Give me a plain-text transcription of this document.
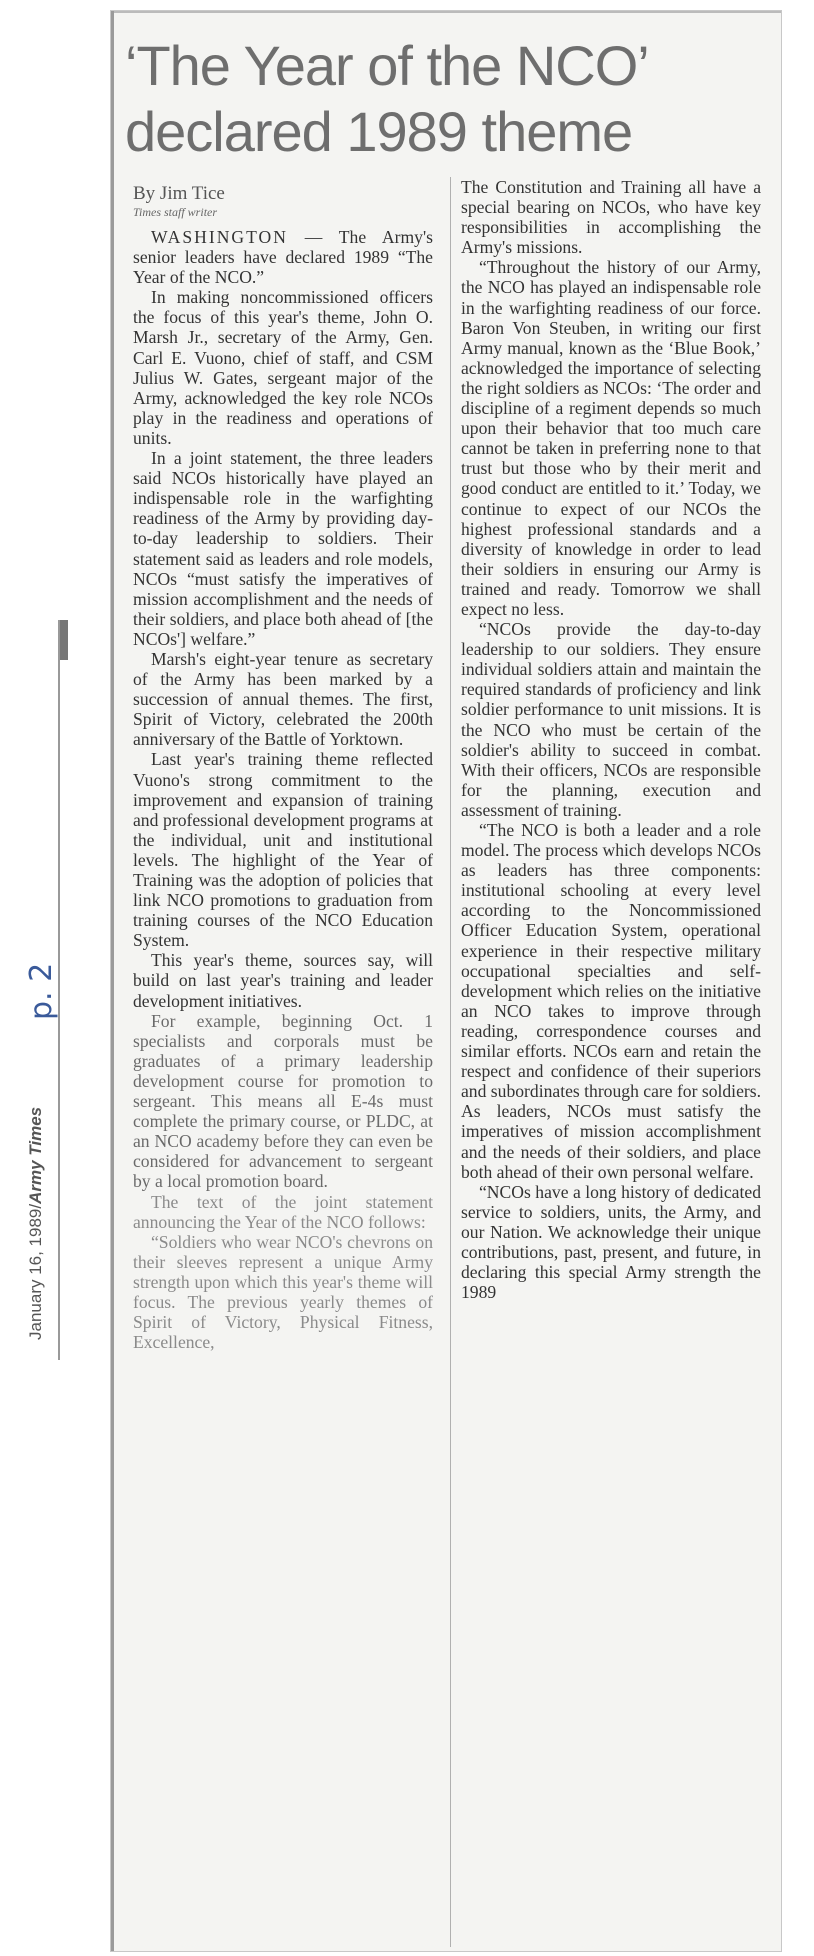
‘The Year of the NCO’
declared 1989 theme
By Jim Tice
Times staff writer

WASHINGTON — The Army's senior leaders have declared 1989 “The Year of the NCO.”

In making noncommissioned officers the focus of this year's theme, John O. Marsh Jr., secretary of the Army, Gen. Carl E. Vuono, chief of staff, and CSM Julius W. Gates, sergeant major of the Army, acknowledged the key role NCOs play in the readiness and operations of units.

In a joint statement, the three leaders said NCOs historically have played an indispensable role in the warfighting readiness of the Army by providing day-to-day leadership to soldiers. Their statement said as leaders and role models, NCOs “must satisfy the imperatives of mission accomplishment and the needs of their soldiers, and place both ahead of [the NCOs'] welfare.”

Marsh's eight-year tenure as secretary of the Army has been marked by a succession of annual themes. The first, Spirit of Victory, celebrated the 200th anniversary of the Battle of Yorktown.

Last year's training theme reflected Vuono's strong commitment to the improvement and expansion of training and professional development programs at the individual, unit and institutional levels. The highlight of the Year of Training was the adoption of policies that link NCO promotions to graduation from training courses of the NCO Education System.

This year's theme, sources say, will build on last year's training and leader development initiatives.

For example, beginning Oct. 1 specialists and corporals must be graduates of a primary leadership development course for promotion to sergeant. This means all E-4s must complete the primary course, or PLDC, at an NCO academy before they can even be considered for advancement to sergeant by a local promotion board.

The text of the joint statement announcing the Year of the NCO follows:

“Soldiers who wear NCO's chevrons on their sleeves represent a unique Army strength upon which this year's theme will focus. The previous yearly themes of Spirit of Victory, Physical Fitness, Excellence,

The Constitution and Training all have a special bearing on NCOs, who have key responsibilities in accomplishing the Army's missions.

“Throughout the history of our Army, the NCO has played an indispensable role in the warfighting readiness of our force. Baron Von Steuben, in writing our first Army manual, known as the ‘Blue Book,’ acknowledged the importance of selecting the right soldiers as NCOs: ‘The order and discipline of a regiment depends so much upon their behavior that too much care cannot be taken in preferring none to that trust but those who by their merit and good conduct are entitled to it.’ Today, we continue to expect of our NCOs the highest professional standards and a diversity of knowledge in order to lead their soldiers in ensuring our Army is trained and ready. Tomorrow we shall expect no less.

“NCOs provide the day-to-day leadership to our soldiers. They ensure individual soldiers attain and maintain the required standards of proficiency and link soldier performance to unit missions. It is the NCO who must be certain of the soldier's ability to succeed in combat. With their officers, NCOs are responsible for the planning, execution and assessment of training.

“The NCO is both a leader and a role model. The process which develops NCOs as leaders has three components: institutional schooling at every level according to the Noncommissioned Officer Education System, operational experience in their respective military occupational specialties and self-development which relies on the initiative an NCO takes to improve through reading, correspondence courses and similar efforts. NCOs earn and retain the respect and confidence of their superiors and subordinates through care for soldiers. As leaders, NCOs must satisfy the imperatives of mission accomplishment and the needs of their soldiers, and place both ahead of their own personal welfare.

“NCOs have a long history of dedicated service to soldiers, units, the Army, and our Nation. We acknowledge their unique contributions, past, present, and future, in declaring this special Army strength the 1989

January 16, 1989/Army Times
p. 2
